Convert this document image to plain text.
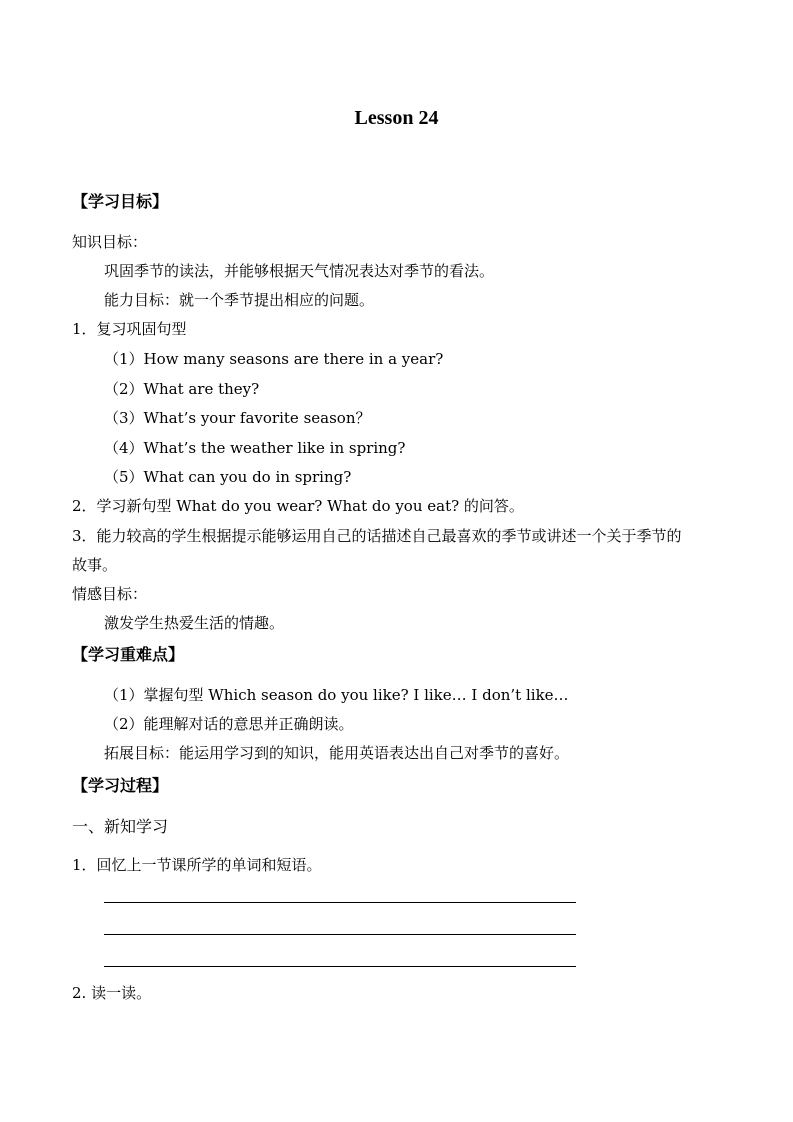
Lesson 24
【学习目标】
知识目标：
巩固季节的读法，并能够根据天气情况表达对季节的看法。
能力目标：就一个季节提出相应的问题。
1．复习巩固句型
（1）How many seasons are there in a year?
（2）What are they?
（3）What’s your favorite season？
（4）What’s the weather like in spring?
（5）What can you do in spring?
2．学习新句型 What do you wear? What do you eat? 的问答。
3．能力较高的学生根据提示能够运用自己的话描述自己最喜欢的季节或讲述一个关于季节的
故事。
情感目标：
激发学生热爱生活的情趣。
【学习重难点】
（1）掌握句型 Which season do you like? I like… I don’t like…
（2）能理解对话的意思并正确朗读。
拓展目标：能运用学习到的知识，能用英语表达出自己对季节的喜好。
【学习过程】
一、新知学习
1．回忆上一节课所学的单词和短语。
2. 读一读。
